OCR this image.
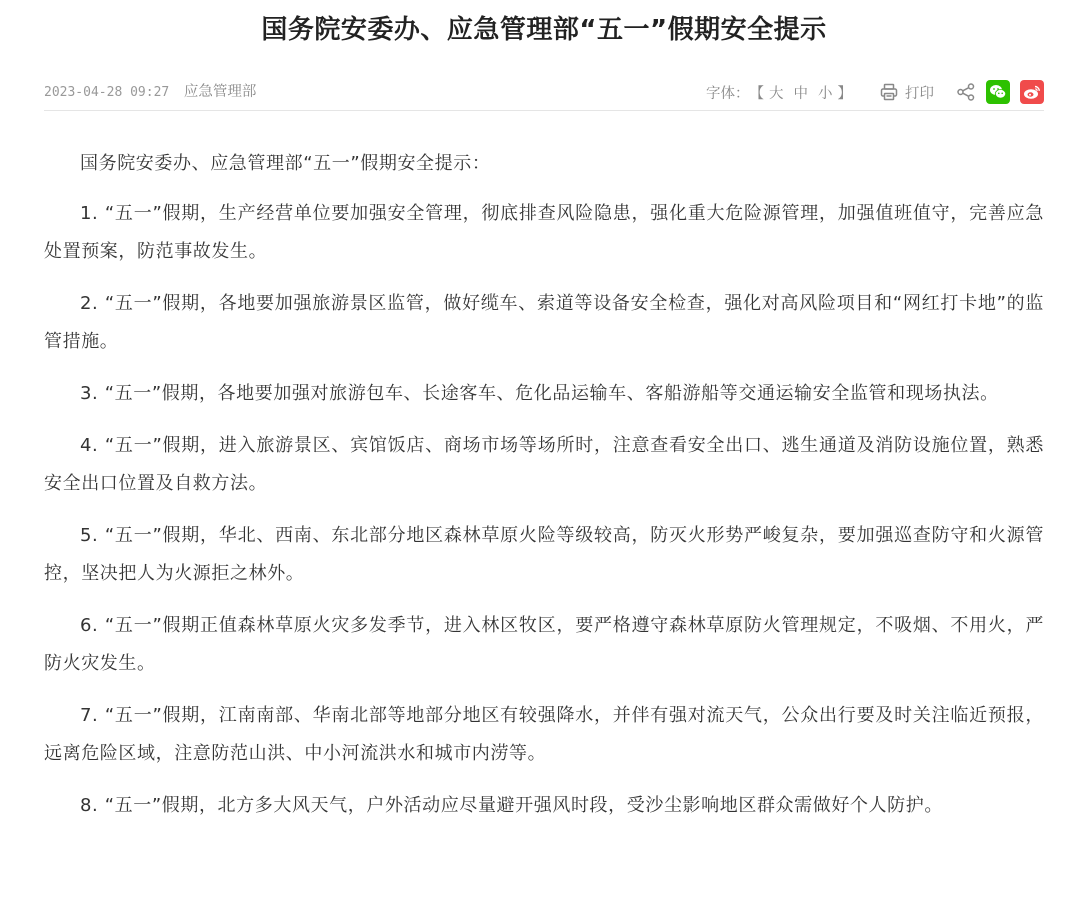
国务院安委办、应急管理部“五一”假期安全提示
2023-04-28 09:27 应急管理部	字体： 【 大 中 小 】	打印

国务院安委办、应急管理部“五一”假期安全提示：

1. “五一”假期，生产经营单位要加强安全管理，彻底排查风险隐患，强化重大危险源管理，加强值班值守，完善应急处置预案，防范事故发生。

2. “五一”假期，各地要加强旅游景区监管，做好缆车、索道等设备安全检查，强化对高风险项目和“网红打卡地”的监管措施。

3. “五一”假期，各地要加强对旅游包车、长途客车、危化品运输车、客船游船等交通运输安全监管和现场执法。

4. “五一”假期，进入旅游景区、宾馆饭店、商场市场等场所时，注意查看安全出口、逃生通道及消防设施位置，熟悉安全出口位置及自救方法。

5. “五一”假期，华北、西南、东北部分地区森林草原火险等级较高，防灭火形势严峻复杂，要加强巡查防守和火源管控，坚决把人为火源拒之林外。

6. “五一”假期正值森林草原火灾多发季节，进入林区牧区，要严格遵守森林草原防火管理规定，不吸烟、不用火，严防火灾发生。

7. “五一”假期，江南南部、华南北部等地部分地区有较强降水，并伴有强对流天气，公众出行要及时关注临近预报，远离危险区域，注意防范山洪、中小河流洪水和城市内涝等。

8. “五一”假期，北方多大风天气，户外活动应尽量避开强风时段，受沙尘影响地区群众需做好个人防护。
